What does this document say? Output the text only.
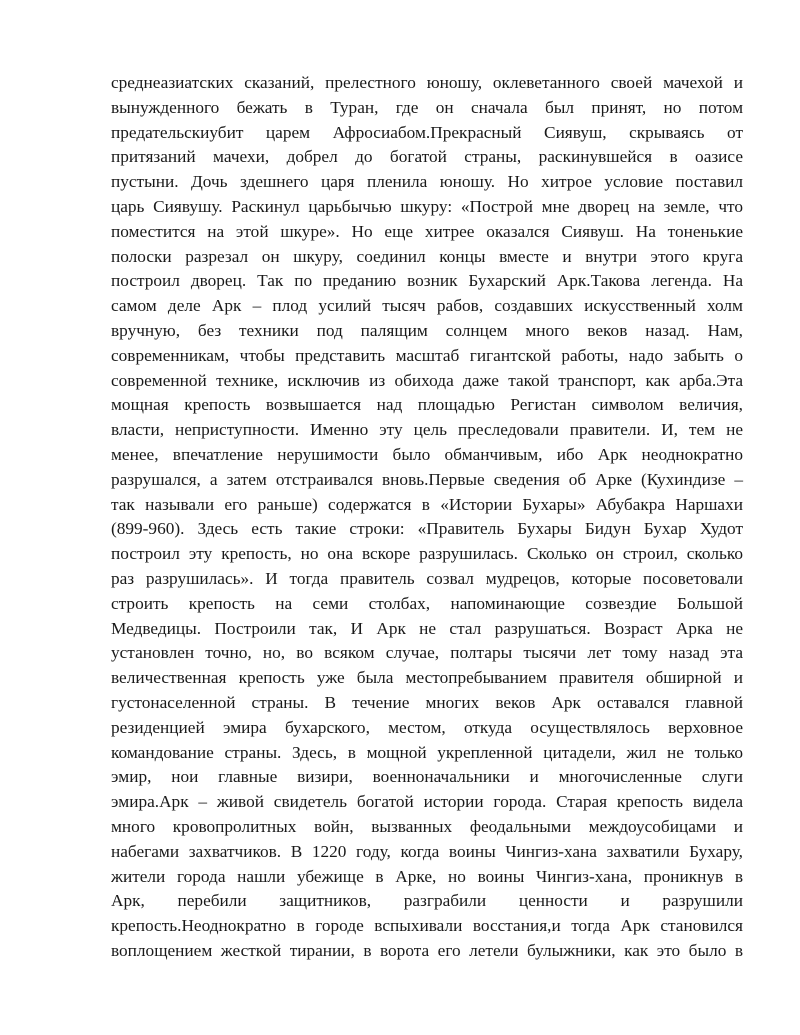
среднеазиатских сказаний, прелестного юношу, оклеветанного своей мачехой и
вынужденного бежать в Туран, где он сначала был принят, но потом
предательскиубит царем Афросиабом.Прекрасный Сиявуш, скрываясь от
притязаний мачехи, добрел до богатой страны, раскинувшейся в оазисе
пустыни. Дочь здешнего царя пленила юношу. Но хитрое условие поставил
царь Сиявушу. Раскинул царьбычью шкуру: «Построй мне дворец на земле, что
поместится на этой шкуре». Но еще хитрее оказался Сиявуш. На тоненькие
полоски разрезал он шкуру, соединил концы вместе и внутри этого круга
построил дворец. Так по преданию возник Бухарский Арк.Такова легенда. На
самом деле Арк – плод усилий тысяч рабов, создавших искусственный холм
вручную, без техники под палящим солнцем много веков назад. Нам,
современникам, чтобы представить масштаб гигантской работы, надо забыть о
современной технике, исключив из обихода даже такой транспорт, как арба.Эта
мощная крепость возвышается над площадью Регистан символом величия,
власти, неприступности. Именно эту цель преследовали правители. И, тем не
менее, впечатление нерушимости было обманчивым, ибо Арк неоднократно
разрушался, а затем отстраивался вновь.Первые сведения об Арке (Кухиндизе –
так называли его раньше) содержатся в «Истории Бухары» Абубакра Наршахи
(899-960). Здесь есть такие строки: «Правитель Бухары Бидун Бухар Худот
построил эту крепость, но она вскоре разрушилась. Сколько он строил, сколько
раз разрушилась». И тогда правитель созвал мудрецов, которые посоветовали
строить крепость на семи столбах, напоминающие созвездие Большой
Медведицы. Построили так, И Арк не стал разрушаться. Возраст Арка не
установлен точно, но, во всяком случае, полтары тысячи лет тому назад эта
величественная крепость уже была местопребыванием правителя обширной и
густонаселенной страны. В течение многих веков Арк оставался главной
резиденцией эмира бухарского, местом, откуда осуществлялось верховное
командование страны. Здесь, в мощной укрепленной цитадели, жил не только
эмир, нои главные визири, военноначальники и многочисленные слуги
эмира.Арк – живой свидетель богатой истории города. Старая крепость видела
много кровопролитных войн, вызванных феодальными междоусобицами и
набегами захватчиков. В 1220 году, когда воины Чингиз-хана захватили Бухару,
жители города нашли убежище в Арке, но воины Чингиз-хана, проникнув в
Арк, перебили защитников, разграбили ценности и разрушили
крепость.Неоднократно в городе вспыхивали восстания,и тогда Арк становился
воплощением жесткой тирании, в ворота его летели булыжники, как это было в
